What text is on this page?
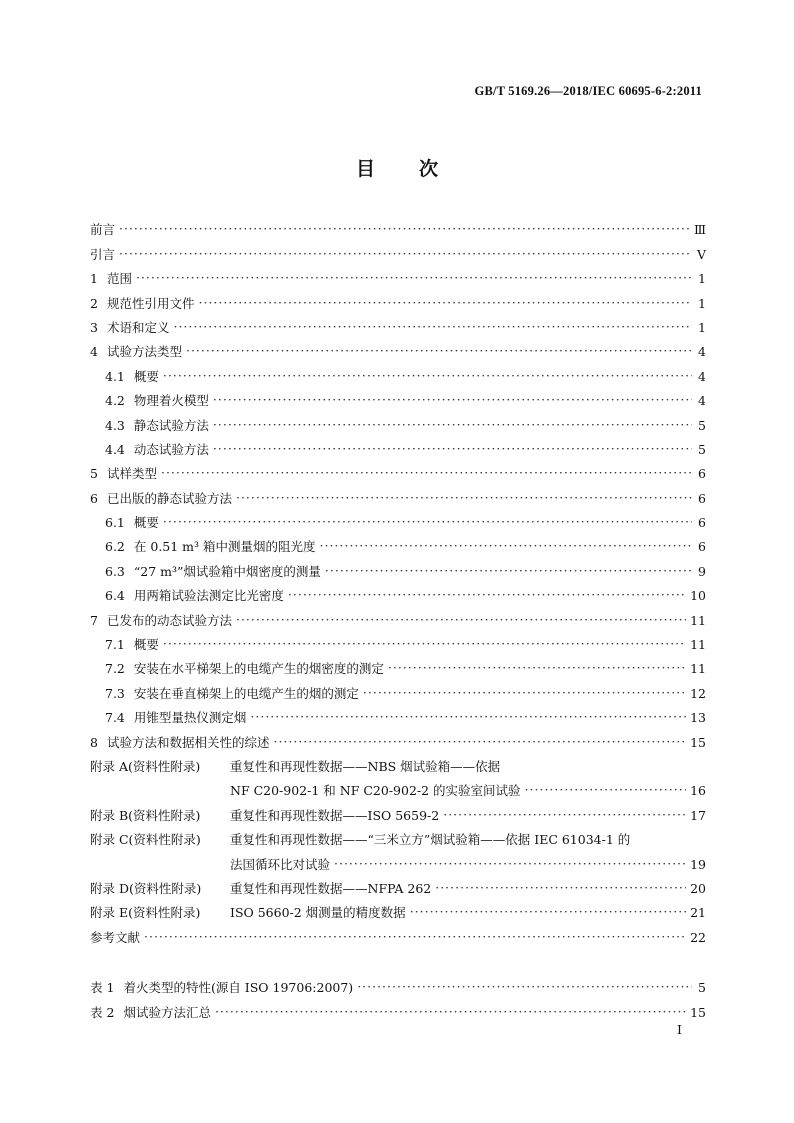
GB/T 5169.26—2018/IEC 60695-6-2:2011
目 次
前言 ·····	Ⅲ
引言 ·····	Ⅴ
1 范围 ·····	1
2 规范性引用文件 ·····	1
3 术语和定义 ·····	1
4 试验方法类型 ·····	4
4.1 概要 ·····	4
4.2 物理着火模型 ·····	4
4.3 静态试验方法 ·····	5
4.4 动态试验方法 ·····	5
5 试样类型 ·····	6
6 已出版的静态试验方法 ·····	6
6.1 概要 ·····	6
6.2 在 0.51 m³ 箱中测量烟的阻光度 ·····	6
6.3 “27 m³”烟试验箱中烟密度的测量 ·····	9
6.4 用两箱试验法测定比光密度 ·····	10
7 已发布的动态试验方法 ·····	11
7.1 概要 ·····	11
7.2 安装在水平梯架上的电缆产生的烟密度的测定 ·····	11
7.3 安装在垂直梯架上的电缆产生的烟的测定 ·····	12
7.4 用锥型量热仪测定烟 ·····	13
8 试验方法和数据相关性的综述 ·····	15
附录 A(资料性附录)	重复性和再现性数据——NBS 烟试验箱——依据
NF C20-902-1 和 NF C20-902-2 的实验室间试验 ·····	16
附录 B(资料性附录)	重复性和再现性数据——ISO 5659-2 ·····	17
附录 C(资料性附录)	重复性和再现性数据——“三米立方”烟试验箱——依据 IEC 61034-1 的
法国循环比对试验 ·····	19
附录 D(资料性附录)	重复性和再现性数据——NFPA 262 ·····	20
附录 E(资料性附录)	ISO 5660-2 烟测量的精度数据 ·····	21
参考文献 ·····	22
表 1 着火类型的特性(源自 ISO 19706:2007) ·····	5
表 2 烟试验方法汇总 ·····	15
I
